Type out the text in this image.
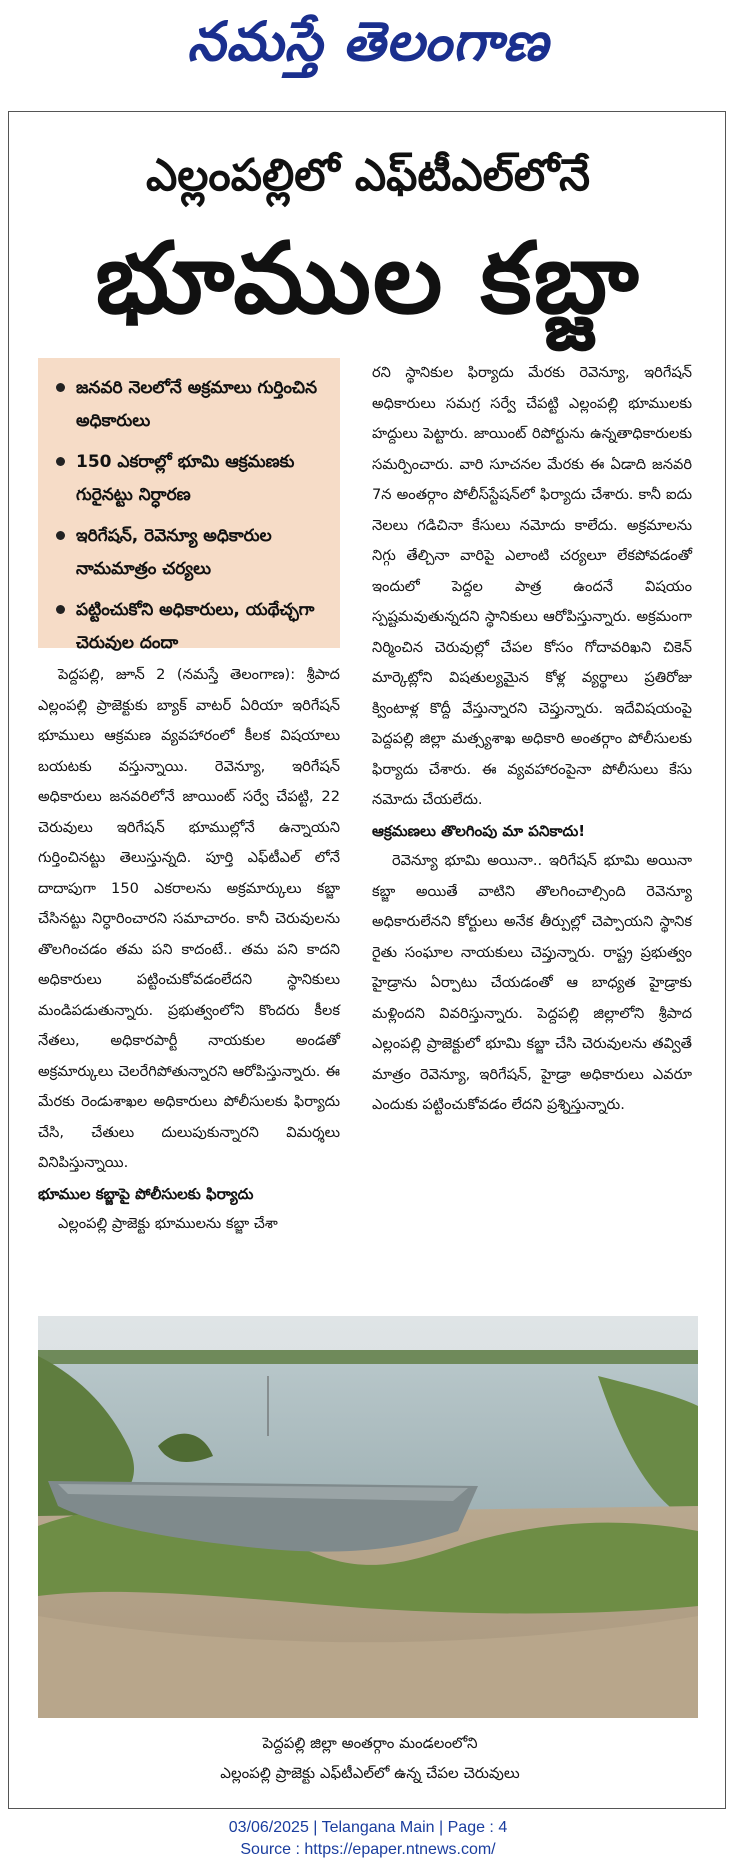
నమస్తే తెలంగాణ
ఎల్లంపల్లిలో ఎఫ్‌టీఎల్‌లోనే
భూముల కబ్జా
జనవరి నెలలోనే అక్రమాలు గుర్తించిన అధికారులు
150 ఎకరాల్లో భూమి ఆక్రమణకు గురైనట్టు నిర్ధారణ
ఇరిగేషన్, రెవెన్యూ అధికారుల నామమాత్రం చర్యలు
పట్టించుకోని అధికారులు, యథేచ్ఛగా చెరువుల దందా

పెద్దపల్లి, జూన్ 2 (నమస్తే తెలంగాణ): శ్రీపాద ఎల్లంపల్లి ప్రాజెక్టుకు బ్యాక్ వాటర్ ఏరియా ఇరిగేషన్ భూములు ఆక్రమణ వ్యవహారంలో కీలక విషయాలు బయటకు వస్తున్నాయి. రెవెన్యూ, ఇరిగేషన్ అధికారులు జనవరిలోనే జాయింట్ సర్వే చేపట్టి, 22 చెరువులు ఇరిగేషన్ భూముల్లోనే ఉన్నాయని గుర్తించినట్టు తెలుస్తున్నది. పూర్తి ఎఫ్‌టీఎల్ లోనే దాదాపుగా 150 ఎకరాలను అక్రమార్కులు కబ్జా చేసినట్టు నిర్ధారించారని సమాచారం. కానీ చెరువులను తొలగించడం తమ పని కాదంటే.. తమ పని కాదని అధికారులు పట్టించుకోవడంలేదని స్థానికులు మండిపడుతున్నారు. ప్రభుత్వంలోని కొందరు కీలక నేతలు, అధికారపార్టీ నాయకుల అండతో అక్రమార్కులు చెలరేగిపోతున్నారని ఆరోపిస్తున్నారు. ఈ మేరకు రెండుశాఖల అధికారులు పోలీసులకు ఫిర్యాదు చేసి, చేతులు దులుపుకున్నారని విమర్శలు వినిపిస్తున్నాయి.

భూముల కబ్జాపై పోలీసులకు ఫిర్యాదు

ఎల్లంపల్లి ప్రాజెక్టు భూములను కబ్జా చేశా

రని స్థానికుల ఫిర్యాదు మేరకు రెవెన్యూ, ఇరిగేషన్ అధికారులు సమగ్ర సర్వే చేపట్టి ఎల్లంపల్లి భూములకు హద్దులు పెట్టారు. జాయింట్ రిపోర్టును ఉన్నతాధికారులకు సమర్పించారు. వారి సూచనల మేరకు ఈ ఏడాది జనవరి 7న అంతర్గాం పోలీస్‌స్టేషన్‌లో ఫిర్యాదు చేశారు. కానీ ఐదు నెలలు గడిచినా కేసులు నమోదు కాలేదు. అక్రమాలను నిగ్గు తేల్చినా వారిపై ఎలాంటి చర్యలూ లేకపోవడంతో ఇందులో పెద్దల పాత్ర ఉందనే విషయం స్పష్టమవుతున్నదని స్థానికులు ఆరోపిస్తున్నారు. అక్రమంగా నిర్మించిన చెరువుల్లో చేపల కోసం గోదావరిఖని చికెన్ మార్కెట్లోని విషతుల్యమైన కోళ్ల వ్యర్థాలు ప్రతిరోజు క్వింటాళ్ల కొద్దీ వేస్తున్నారని చెప్తున్నారు. ఇదేవిషయంపై పెద్దపల్లి జిల్లా మత్స్యశాఖ అధికారి అంతర్గాం పోలీసులకు ఫిర్యాదు చేశారు. ఈ వ్యవహారంపైనా పోలీసులు కేసు నమోదు చేయలేదు.

ఆక్రమణలు తొలగింపు మా పనికాదు!

రెవెన్యూ భూమి అయినా.. ఇరిగేషన్ భూమి అయినా కబ్జా అయితే వాటిని తొలగించాల్సింది రెవెన్యూ అధికారులేనని కోర్టులు అనేక తీర్పుల్లో చెప్పాయని స్థానిక రైతు సంఘాల నాయకులు చెప్తున్నారు. రాష్ట్ర ప్రభుత్వం హైడ్రాను ఏర్పాటు చేయడంతో ఆ బాధ్యత హైడ్రాకు మళ్లిందని వివరిస్తున్నారు. పెద్దపల్లి జిల్లాలోని శ్రీపాద ఎల్లంపల్లి ప్రాజెక్టులో భూమి కబ్జా చేసి చెరువులను తవ్వితే మాత్రం రెవెన్యూ, ఇరిగేషన్, హైడ్రా అధికారులు ఎవరూ ఎందుకు పట్టించుకోవడం లేదని ప్రశ్నిస్తున్నారు.

పెద్దపల్లి జిల్లా అంతర్గాం మండలంలోని
ఎల్లంపల్లి ప్రాజెక్టు ఎఫ్‌టీఎల్‌లో ఉన్న చేపల చెరువులు
03/06/2025 | Telangana Main | Page : 4
Source : https://epaper.ntnews.com/
